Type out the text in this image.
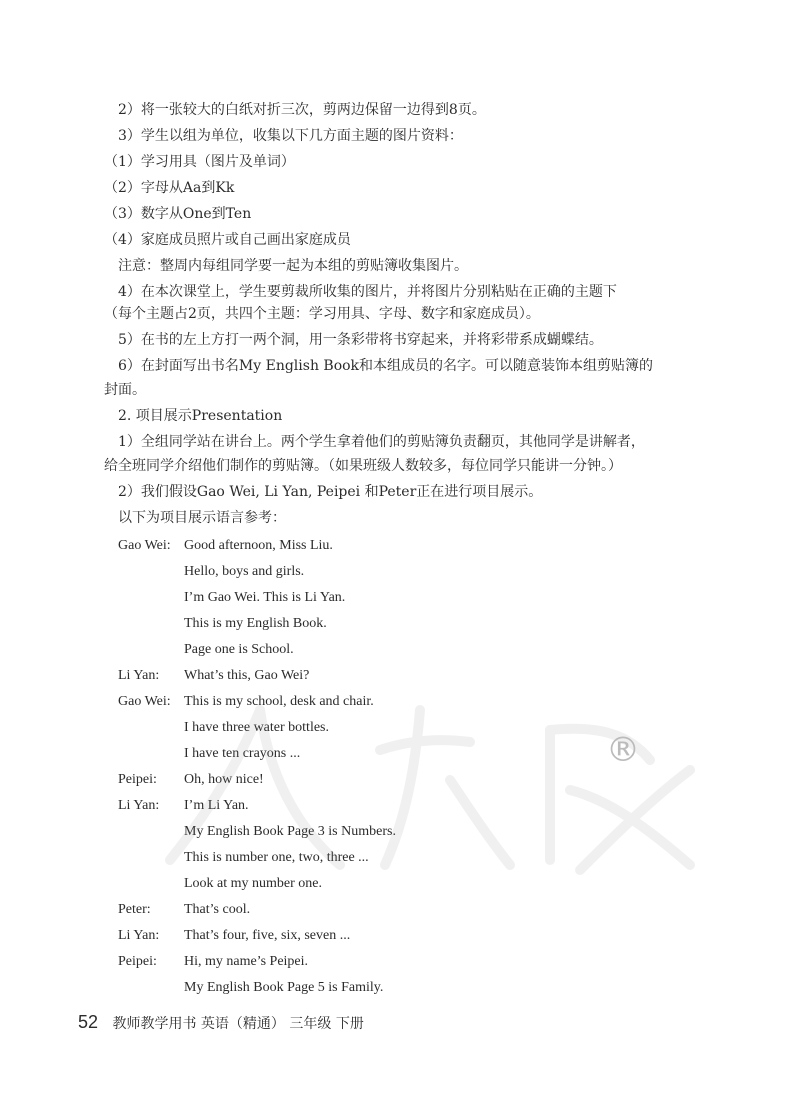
2）将一张较大的白纸对折三次，剪两边保留一边得到8页。
3）学生以组为单位，收集以下几方面主题的图片资料：
（1）学习用具（图片及单词）
（2）字母从Aa到Kk
（3）数字从One到Ten
（4）家庭成员照片或自己画出家庭成员
注意：整周内每组同学要一起为本组的剪贴簿收集图片。
4）在本次课堂上，学生要剪裁所收集的图片，并将图片分别粘贴在正确的主题下
（每个主题占2页，共四个主题：学习用具、字母、数字和家庭成员）。
5）在书的左上方打一两个洞，用一条彩带将书穿起来，并将彩带系成蝴蝶结。
6）在封面写出书名My English Book和本组成员的名字。可以随意装饰本组剪贴簿的
封面。
2. 项目展示Presentation
1）全组同学站在讲台上。两个学生拿着他们的剪贴簿负责翻页，其他同学是讲解者，
给全班同学介绍他们制作的剪贴簿。（如果班级人数较多，每位同学只能讲一分钟。）
2）我们假设Gao Wei, Li Yan, Peipei 和Peter正在进行项目展示。
以下为项目展示语言参考：
Gao Wei: Good afternoon, Miss Liu.
Hello, boys and girls.
I’m Gao Wei. This is Li Yan.
This is my English Book.
Page one is School.
Li Yan: What’s this, Gao Wei?
Gao Wei: This is my school, desk and chair.
I have three water bottles.
I have ten crayons ...
Peipei: Oh, how nice!
Li Yan: I’m Li Yan.
My English Book Page 3 is Numbers.
This is number one, two, three ...
Look at my number one.
Peter: That’s cool.
Li Yan: That’s four, five, six, seven ...
Peipei: Hi, my name’s Peipei.
My English Book Page 5 is Family.
®
52 教师教学用书 英语（精通） 三年级 下册
